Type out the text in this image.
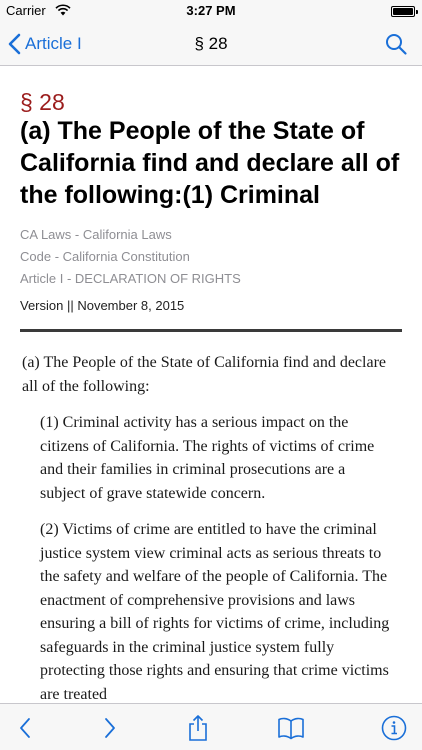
Carrier	3:27 PM
Article I	§ 28
§ 28
(a) The People of the State of California find and declare all of the following:(1) Criminal
CA Laws - California Laws
Code - California Constitution
Article I - DECLARATION OF RIGHTS
Version || November 8, 2015

(a) The People of the State of California find and declare all of the following:

(1) Criminal activity has a serious impact on the citizens of California. The rights of victims of crime and their families in criminal prosecutions are a subject of grave statewide concern.

(2) Victims of crime are entitled to have the criminal justice system view criminal acts as serious threats to the safety and welfare of the people of California. The enactment of comprehensive provisions and laws ensuring a bill of rights for victims of crime, including safeguards in the criminal justice system fully protecting those rights and ensuring that crime victims are treated
